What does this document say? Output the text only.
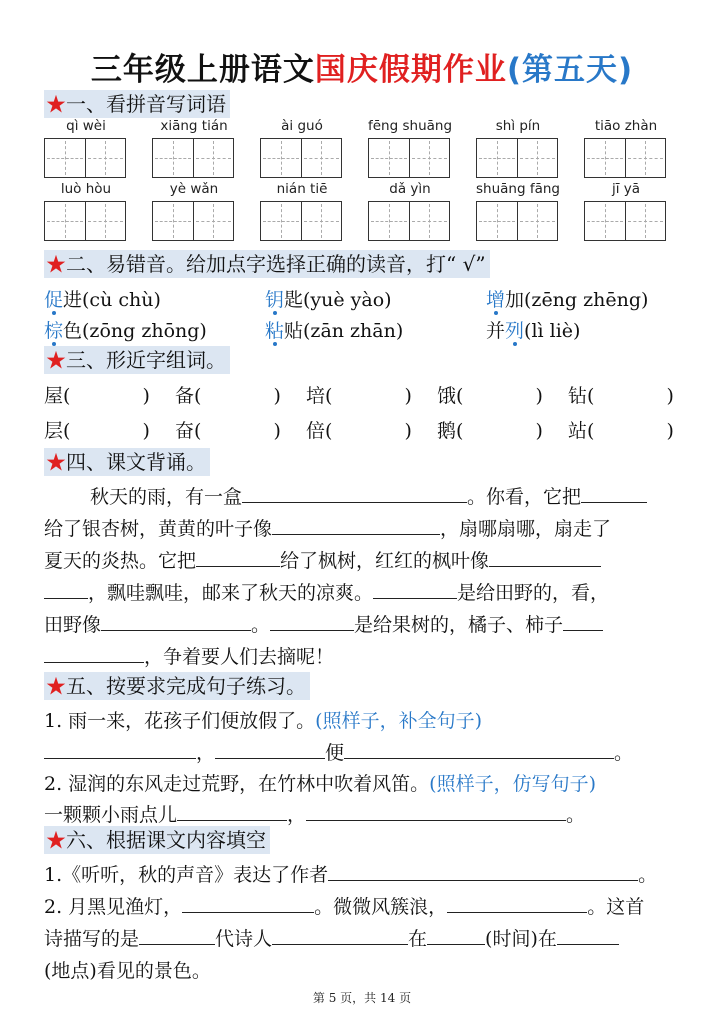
三年级上册语文国庆假期作业(第五天)
★一、看拼音写词语
qì wèi	xiāng tián	ài guó	fēng shuāng	shì pín	tiāo zhàn
luò hòu	yè wǎn	nián tiē	dǎ yìn	shuāng fāng	jī yā
★二、易错音。给加点字选择正确的读音，打“ √”
促进(cù chù)	钥匙(yuè yào)	增加(zēng zhēng)
棕色(zōng zhōng)	粘贴(zān zhān)	并列(lì liè)
★三、形近字组词。
屋(	) 备(	) 培(	) 饿(	) 钻(	)
层(	) 奋(	) 倍(	) 鹅(	) 站(	)
★四、课文背诵。
秋天的雨，有一盒	。你看，它把
给了银杏树，黄黄的叶子像	，扇哪扇哪，扇走了
夏天的炎热。它把	给了枫树，红红的枫叶像
，飘哇飘哇，邮来了秋天的凉爽。	是给田野的，看，
田野像	。	是给果树的，橘子、柿子
，争着要人们去摘呢！
★五、按要求完成句子练习。
1. 雨一来，花孩子们便放假了。(照样子，补全句子)
，	便	。
2. 湿润的东风走过荒野，在竹林中吹着风笛。(照样子，仿写句子)
一颗颗小雨点儿	，	。
★六、根据课文内容填空
1.《听听，秋的声音》表达了作者	。
2. 月黑见渔灯，	。微微风簇浪，	。这首
诗描写的是	代诗人	在	(时间)在
(地点)看见的景色。
第 5 页，共 14 页
